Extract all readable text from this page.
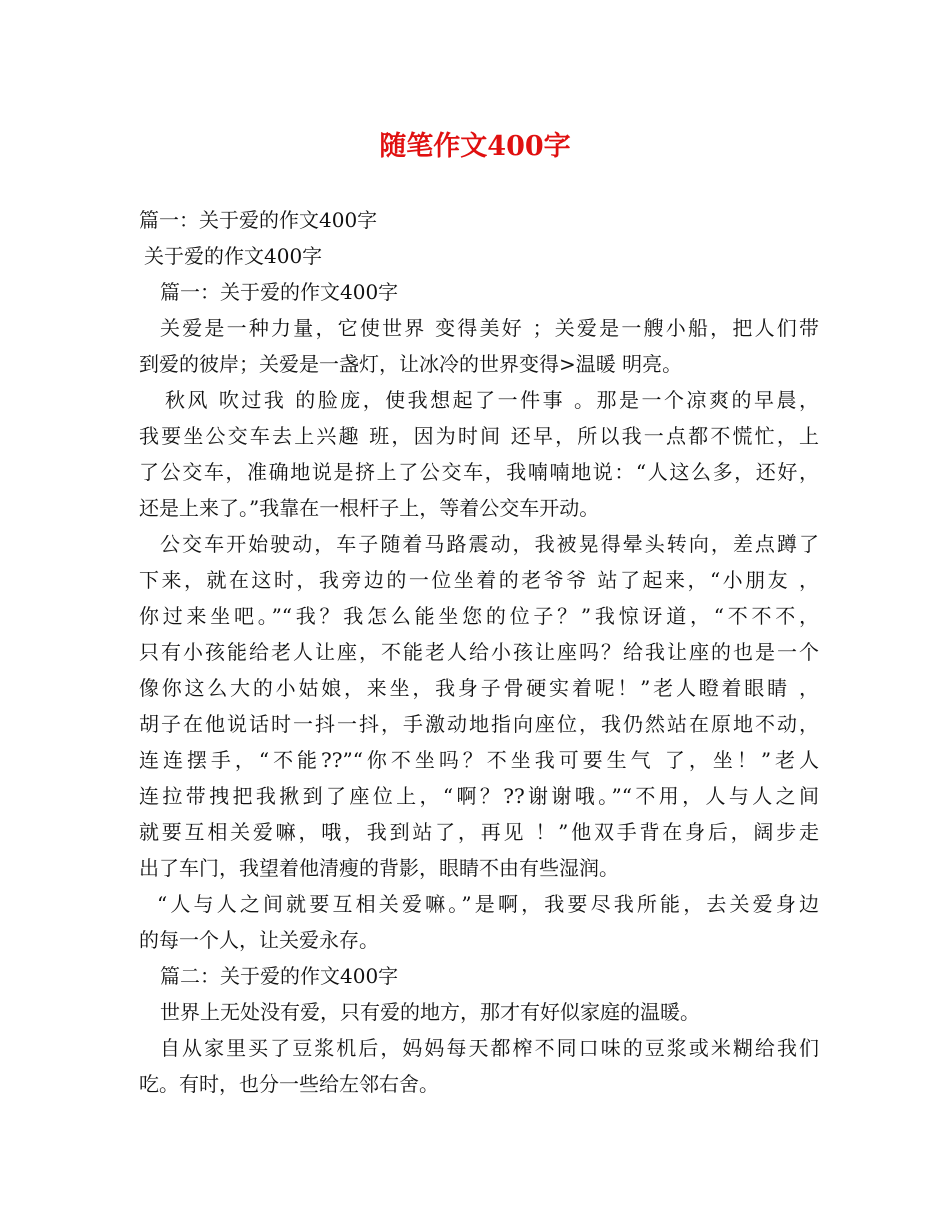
随笔作文400字
篇一：关于爱的作文400字
关于爱的作文400字
篇一：关于爱的作文400字
关爱是一种力量，它使世界 变得美好 ；关爱是一艘小船，把人们带
到爱的彼岸；关爱是一盏灯，让冰冷的世界变得>温暖 明亮。
秋风 吹过我 的脸庞，使我想起了一件事 。那是一个凉爽的早晨，
我要坐公交车去上兴趣 班，因为时间 还早，所以我一点都不慌忙，上
了公交车，准确地说是挤上了公交车，我喃喃地说：“人这么多，还好，
还是上来了。”我靠在一根杆子上，等着公交车开动。
公交车开始驶动，车子随着马路震动，我被晃得晕头转向，差点蹲了
下来，就在这时，我旁边的一位坐着的老爷爷 站了起来，“小朋友 ，
你过来坐吧。”“我？我怎么能坐您的位子？”我惊讶道，“不不不，
只有小孩能给老人让座，不能老人给小孩让座吗？给我让座的也是一个
像你这么大的小姑娘，来坐，我身子骨硬实着呢！”老人瞪着眼睛 ，
胡子在他说话时一抖一抖，手激动地指向座位，我仍然站在原地不动，
连连摆手，“不能??”“你不坐吗？不坐我可要生气 了，坐！”老人
连拉带拽把我揪到了座位上，“啊？??谢谢哦。”“不用，人与人之间
就要互相关爱嘛，哦，我到站了，再见 ！”他双手背在身后，阔步走
出了车门，我望着他清瘦的背影，眼睛不由有些湿润。
“人与人之间就要互相关爱嘛。”是啊，我要尽我所能，去关爱身边
的每一个人，让关爱永存。
篇二：关于爱的作文400字
世界上无处没有爱，只有爱的地方，那才有好似家庭的温暖。
自从家里买了豆浆机后，妈妈每天都榨不同口味的豆浆或米糊给我们
吃。有时，也分一些给左邻右舍。
